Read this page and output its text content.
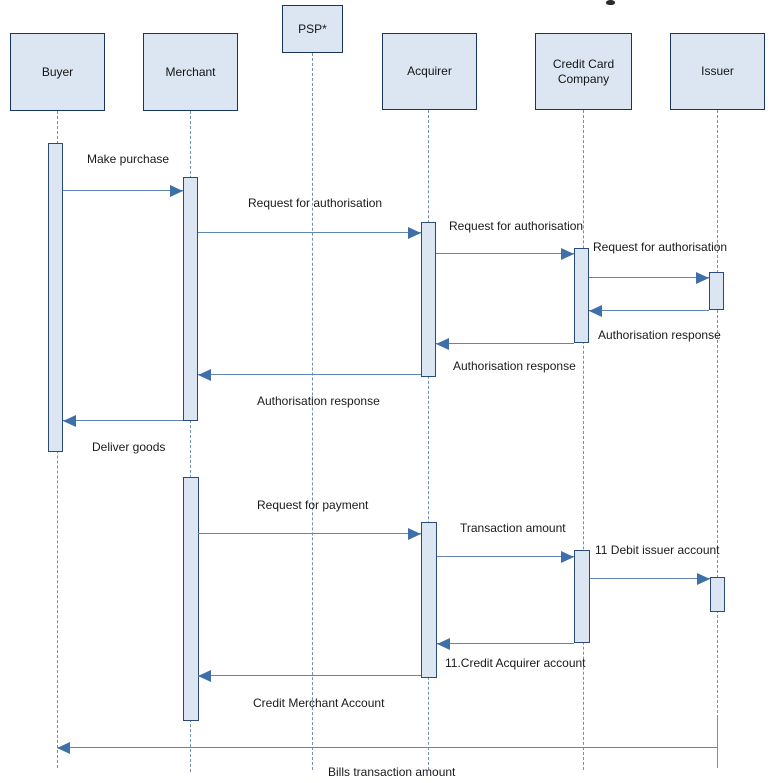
Buyer	Merchant
PSP*
Acquirer
Credit Card Company
Issuer
Make purchase
Request for authorisation
Request for authorisation
Request for authorisation
Authorisation response
Authorisation response
Authorisation response
Deliver goods
Request for payment
Transaction amount
11 Debit issuer account
11.Credit Acquirer account
Credit Merchant Account
Bills transaction amount
